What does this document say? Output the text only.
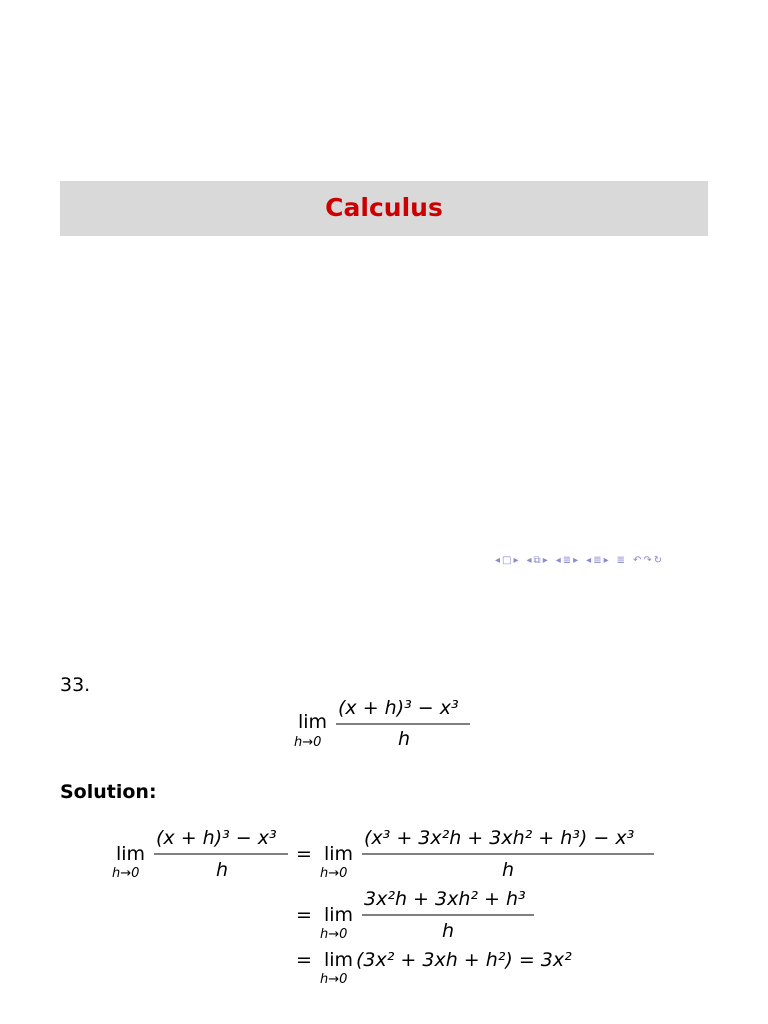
Calculus
◂ □ ▸ ◂ ⧉ ▸ ◂ ≣ ▸ ◂ ≣ ▸ ≣ ↶ ↷ ↻
33.
Solution:
lim
h→0
(x + h)³ − x³
h
lim
h→0
(x + h)³ − x³
h
= lim
h→0
(x³ + 3x²h + 3xh² + h³) − x³
h
= lim
h→0
3x²h + 3xh² + h³
h
= lim
h→0
(3x² + 3xh + h²) = 3x²
